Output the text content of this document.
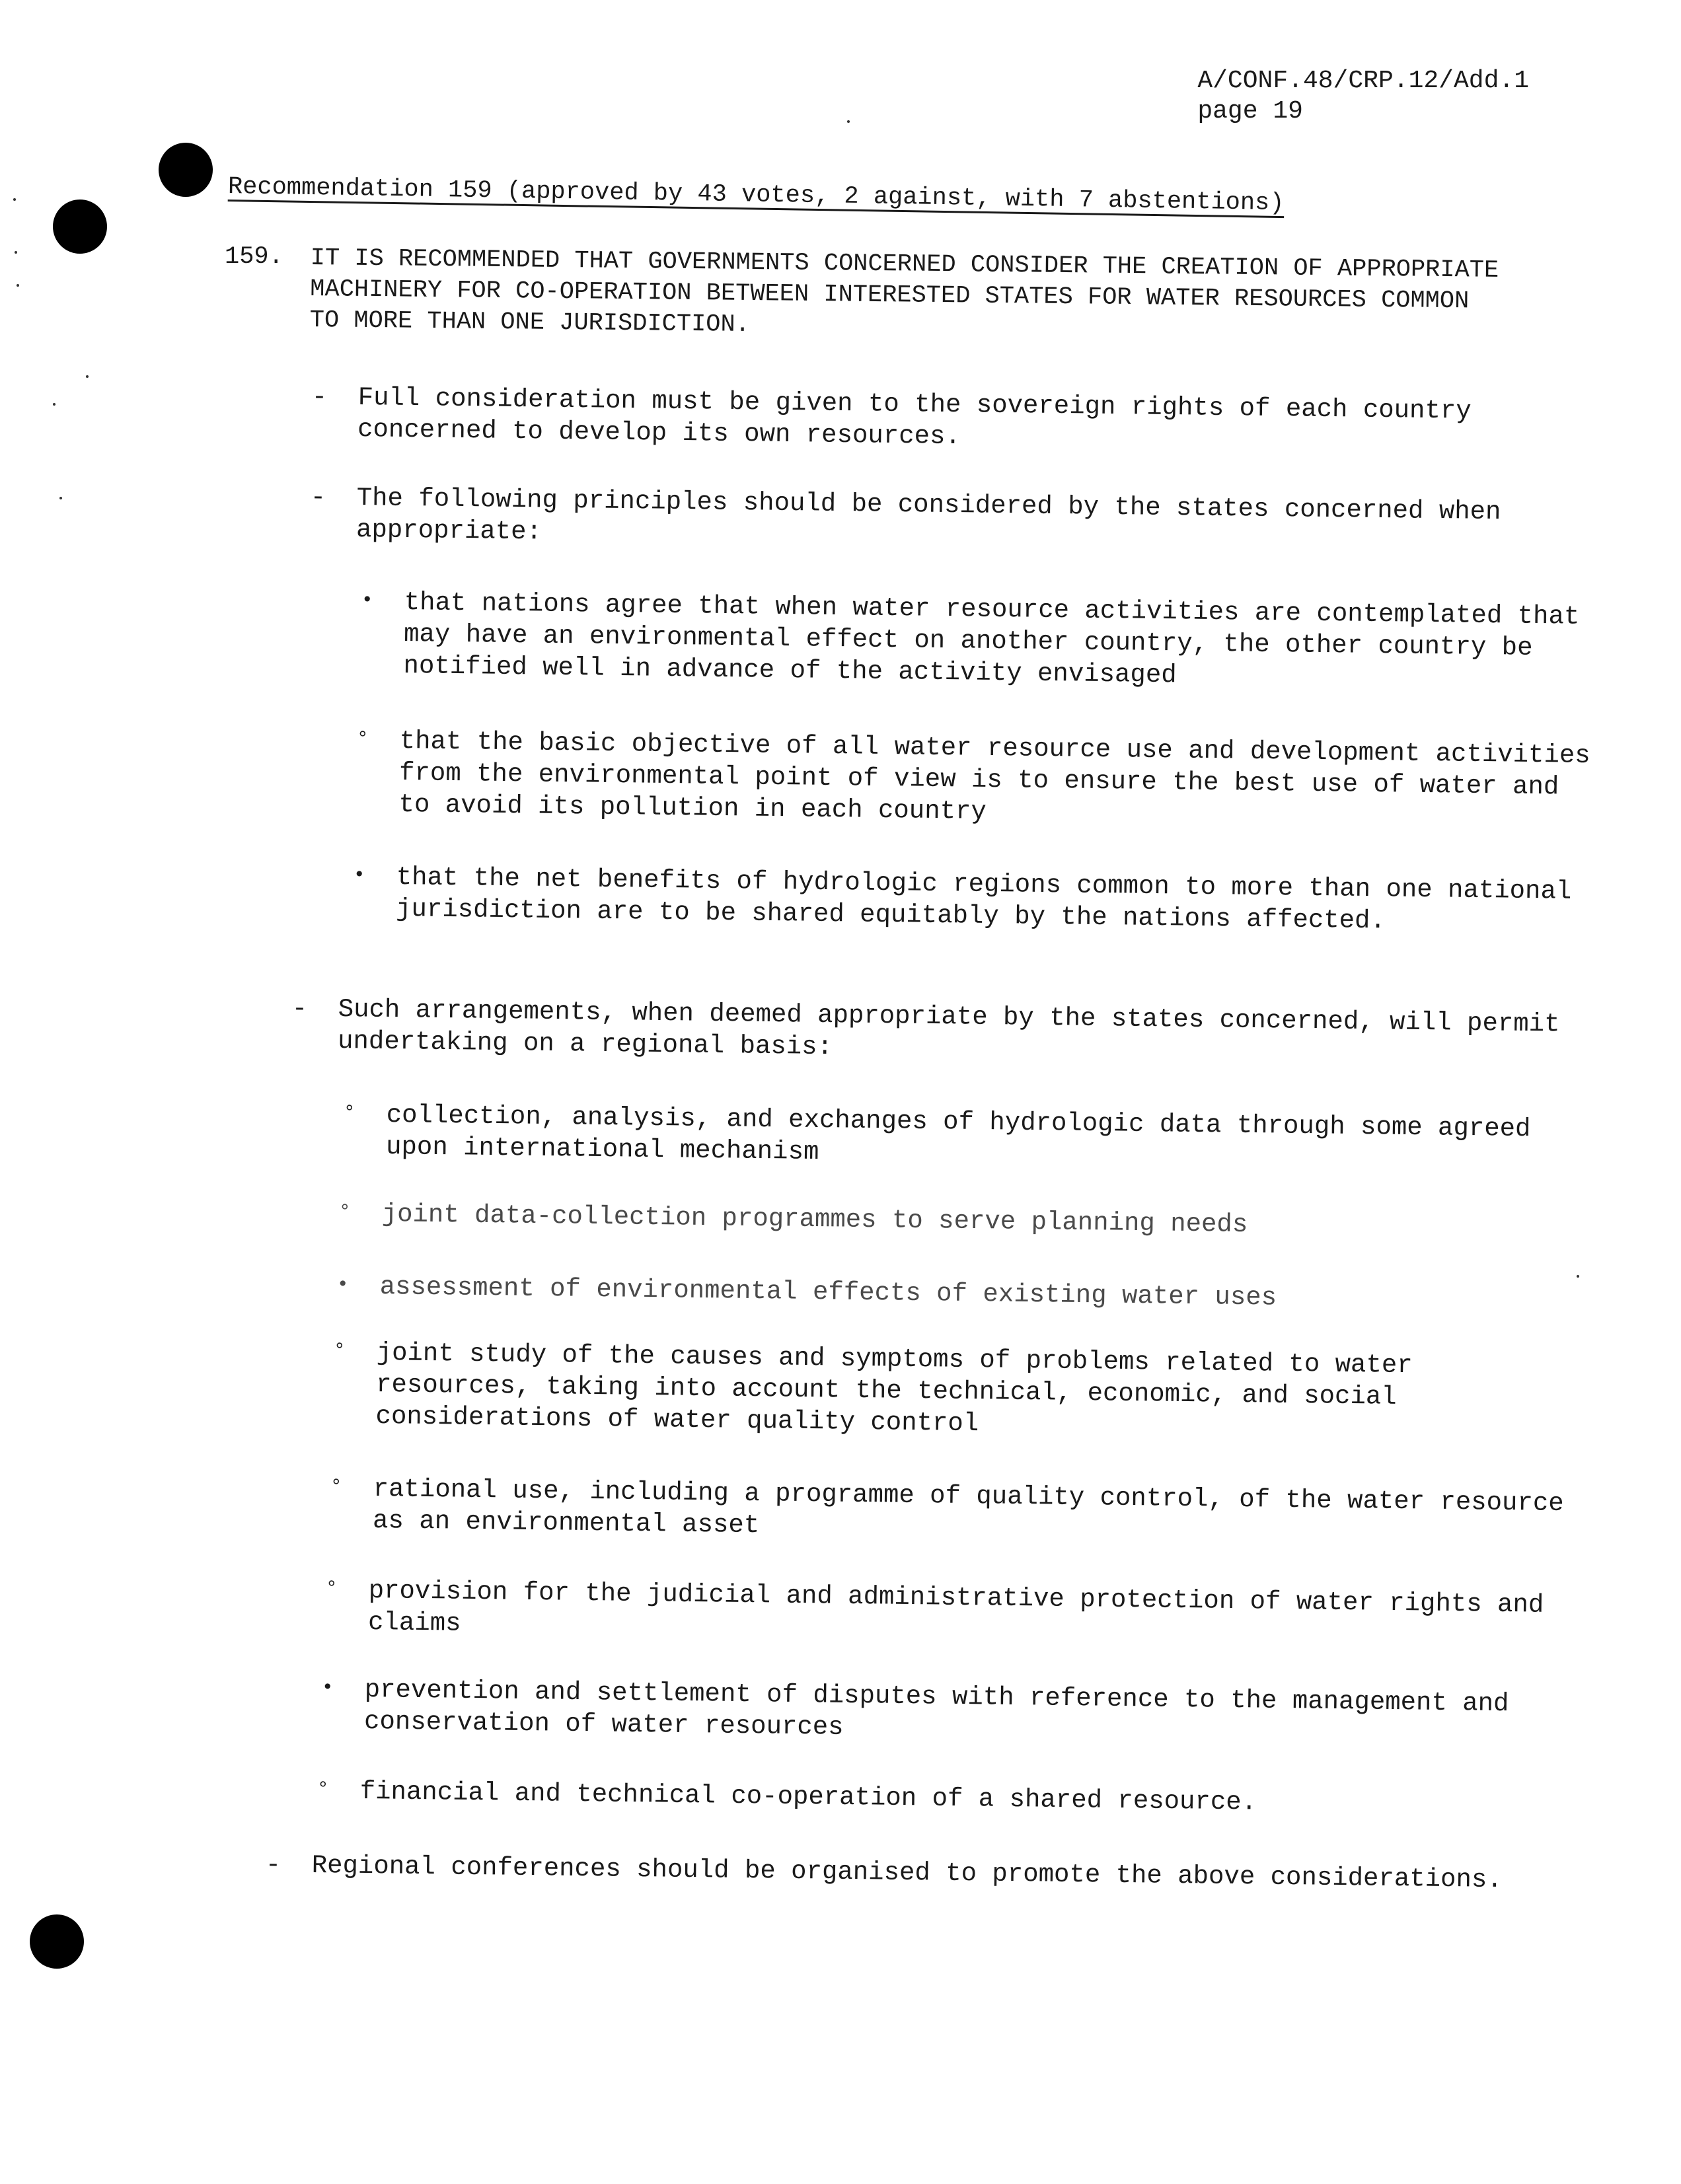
A/CONF.48/CRP.12/Add.1
page 19
Recommendation 159 (approved by 43 votes, 2 against, with 7 abstentions)
159. IT IS RECOMMENDED THAT GOVERNMENTS CONCERNED CONSIDER THE CREATION OF APPROPRIATE MACHINERY FOR CO-OPERATION BETWEEN INTERESTED STATES FOR WATER RESOURCES COMMON TO MORE THAN ONE JURISDICTION.
- Full consideration must be given to the sovereign rights of each country concerned to develop its own resources.
- The following principles should be considered by the states concerned when appropriate:
• that nations agree that when water resource activities are contemplated that may have an environmental effect on another country, the other country be notified well in advance of the activity envisaged
° that the basic objective of all water resource use and development activities from the environmental point of view is to ensure the best use of water and to avoid its pollution in each country
• that the net benefits of hydrologic regions common to more than one national jurisdiction are to be shared equitably by the nations affected.
- Such arrangements, when deemed appropriate by the states concerned, will permit undertaking on a regional basis:
° collection, analysis, and exchanges of hydrologic data through some agreed upon international mechanism
° joint data-collection programmes to serve planning needs
• assessment of environmental effects of existing water uses
° joint study of the causes and symptoms of problems related to water resources, taking into account the technical, economic, and social considerations of water quality control
° rational use, including a programme of quality control, of the water resource as an environmental asset
° provision for the judicial and administrative protection of water rights and claims
• prevention and settlement of disputes with reference to the management and conservation of water resources
° financial and technical co-operation of a shared resource.
- Regional conferences should be organised to promote the above considerations.
